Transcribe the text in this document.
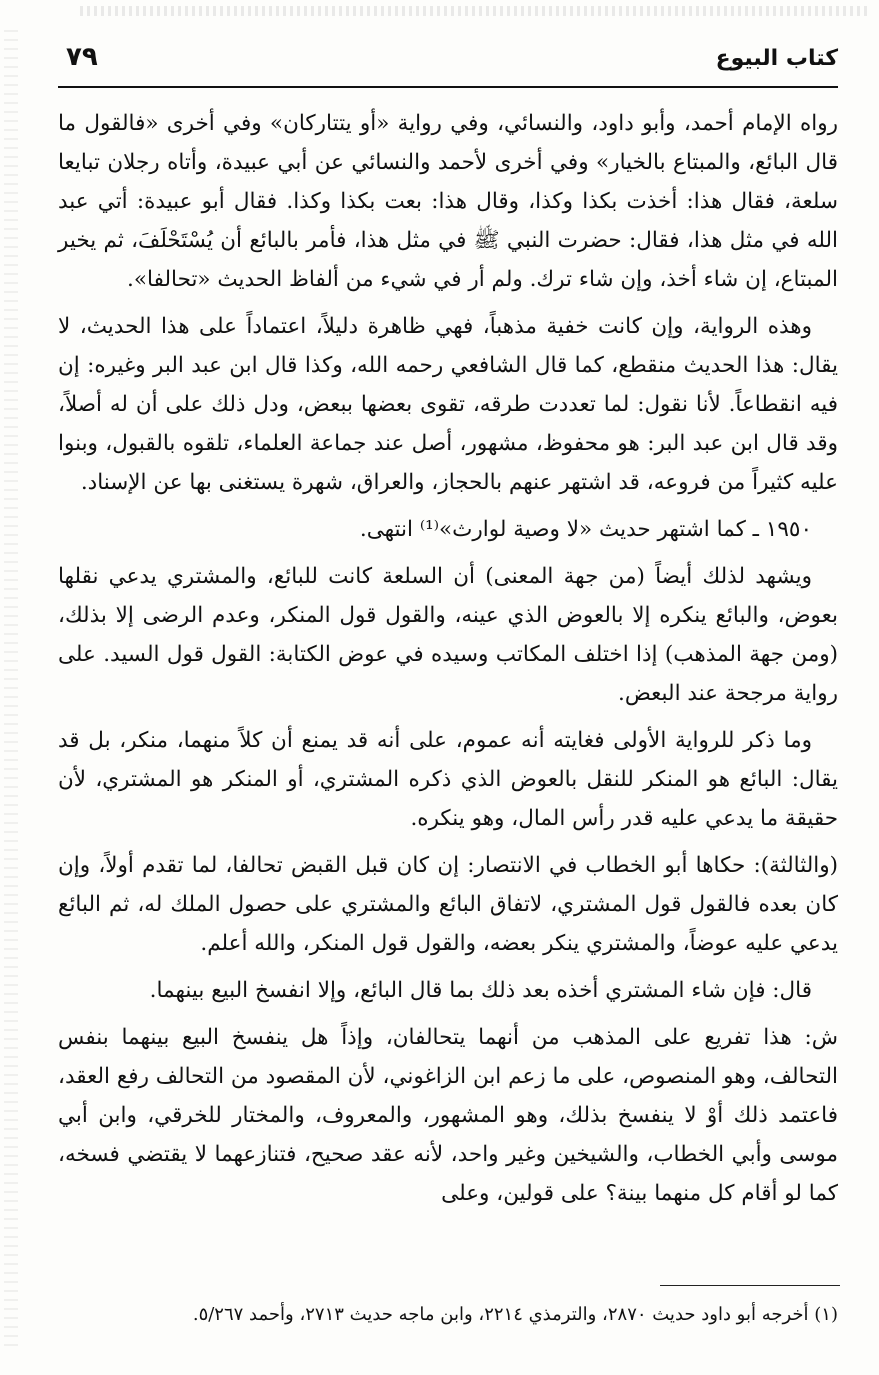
٧٩	كتاب البيوع

رواه الإمام أحمد، وأبو داود، والنسائي، وفي رواية «أو يتتاركان» وفي أخرى «فالقول ما قال البائع، والمبتاع بالخيار» وفي أخرى لأحمد والنسائي عن أبي عبيدة، وأتاه رجلان تبايعا سلعة، فقال هذا: أخذت بكذا وكذا، وقال هذا: بعت بكذا وكذا. فقال أبو عبيدة: أتي عبد الله في مثل هذا، فقال: حضرت النبي ﷺ في مثل هذا، فأمر بالبائع أن يُسْتَحْلَفَ، ثم يخير المبتاع، إن شاء أخذ، وإن شاء ترك. ولم أر في شيء من ألفاظ الحديث «تحالفا».

وهذه الرواية، وإن كانت خفية مذهباً، فهي ظاهرة دليلاً، اعتماداً على هذا الحديث، لا يقال: هذا الحديث منقطع، كما قال الشافعي رحمه الله، وكذا قال ابن عبد البر وغيره: إن فيه انقطاعاً. لأنا نقول: لما تعددت طرقه، تقوى بعضها ببعض، ودل ذلك على أن له أصلاً، وقد قال ابن عبد البر: هو محفوظ، مشهور، أصل عند جماعة العلماء، تلقوه بالقبول، وبنوا عليه كثيراً من فروعه، قد اشتهر عنهم بالحجاز، والعراق، شهرة يستغنى بها عن الإسناد.

١٩٥٠ ـ كما اشتهر حديث «لا وصية لوارث»⁽¹⁾ انتهى.

ويشهد لذلك أيضاً (من جهة المعنى) أن السلعة كانت للبائع، والمشتري يدعي نقلها بعوض، والبائع ينكره إلا بالعوض الذي عينه، والقول قول المنكر، وعدم الرضى إلا بذلك، (ومن جهة المذهب) إذا اختلف المكاتب وسيده في عوض الكتابة: القول قول السيد. على رواية مرجحة عند البعض.

وما ذكر للرواية الأولى فغايته أنه عموم، على أنه قد يمنع أن كلاً منهما، منكر، بل قد يقال: البائع هو المنكر للنقل بالعوض الذي ذكره المشتري، أو المنكر هو المشتري، لأن حقيقة ما يدعي عليه قدر رأس المال، وهو ينكره.

(والثالثة): حكاها أبو الخطاب في الانتصار: إن كان قبل القبض تحالفا، لما تقدم أولاً، وإن كان بعده فالقول قول المشتري، لاتفاق البائع والمشتري على حصول الملك له، ثم البائع يدعي عليه عوضاً، والمشتري ينكر بعضه، والقول قول المنكر، والله أعلم.

قال: فإن شاء المشتري أخذه بعد ذلك بما قال البائع، وإلا انفسخ البيع بينهما.

ش: هذا تفريع على المذهب من أنهما يتحالفان، وإذاً هل ينفسخ البيع بينهما بنفس التحالف، وهو المنصوص، على ما زعم ابن الزاغوني، لأن المقصود من التحالف رفع العقد، فاعتمد ذلك أوْ لا ينفسخ بذلك، وهو المشهور، والمعروف، والمختار للخرقي، وابن أبي موسى وأبي الخطاب، والشيخين وغير واحد، لأنه عقد صحيح، فتنازعهما لا يقتضي فسخه، كما لو أقام كل منهما بينة؟ على قولين، وعلى

(١) أخرجه أبو داود حديث ٢٨٧٠، والترمذي ٢٢١٤، وابن ماجه حديث ٢٧١٣، وأحمد ٥/٢٦٧.
